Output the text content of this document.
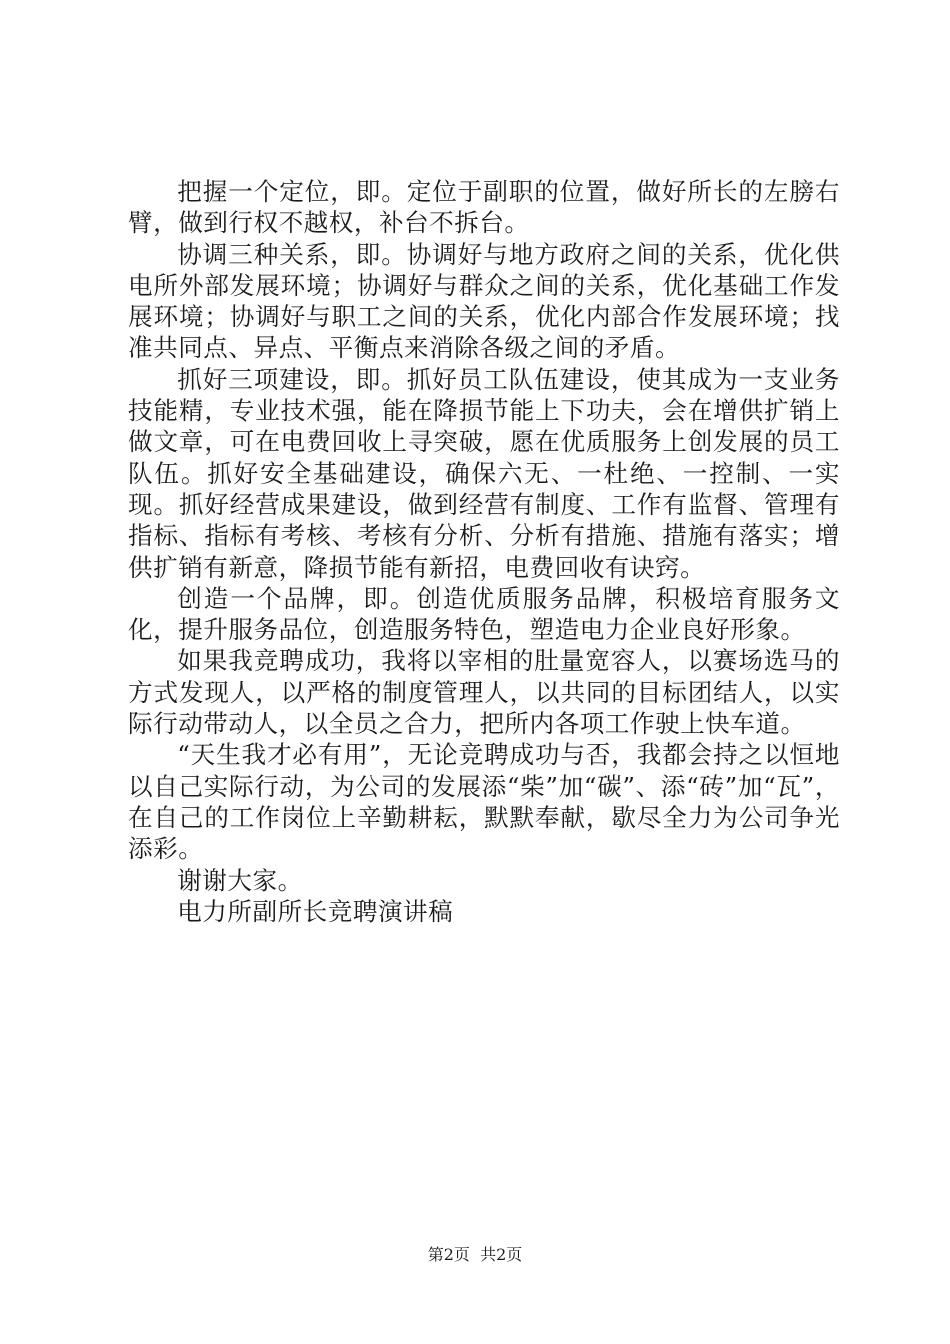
把握一个定位，即。定位于副职的位置，做好所长的左膀右臂，做到行权不越权，补台不拆台。

协调三种关系，即。协调好与地方政府之间的关系，优化供电所外部发展环境；协调好与群众之间的关系，优化基础工作发展环境；协调好与职工之间的关系，优化内部合作发展环境；找准共同点、异点、平衡点来消除各级之间的矛盾。

抓好三项建设，即。抓好员工队伍建设，使其成为一支业务技能精，专业技术强，能在降损节能上下功夫，会在增供扩销上做文章，可在电费回收上寻突破，愿在优质服务上创发展的员工队伍。抓好安全基础建设，确保六无、一杜绝、一控制、一实现。抓好经营成果建设，做到经营有制度、工作有监督、管理有指标、指标有考核、考核有分析、分析有措施、措施有落实；增供扩销有新意，降损节能有新招，电费回收有诀窍。

创造一个品牌，即。创造优质服务品牌，积极培育服务文化，提升服务品位，创造服务特色，塑造电力企业良好形象。

如果我竞聘成功，我将以宰相的肚量宽容人，以赛场选马的方式发现人，以严格的制度管理人，以共同的目标团结人，以实际行动带动人，以全员之合力，把所内各项工作驶上快车道。

“天生我才必有用”，无论竞聘成功与否，我都会持之以恒地以自己实际行动，为公司的发展添“柴”加“碳”、添“砖”加“瓦”，在自己的工作岗位上辛勤耕耘，默默奉献，歇尽全力为公司争光添彩。

谢谢大家。

电力所副所长竞聘演讲稿

第2页  共2页
